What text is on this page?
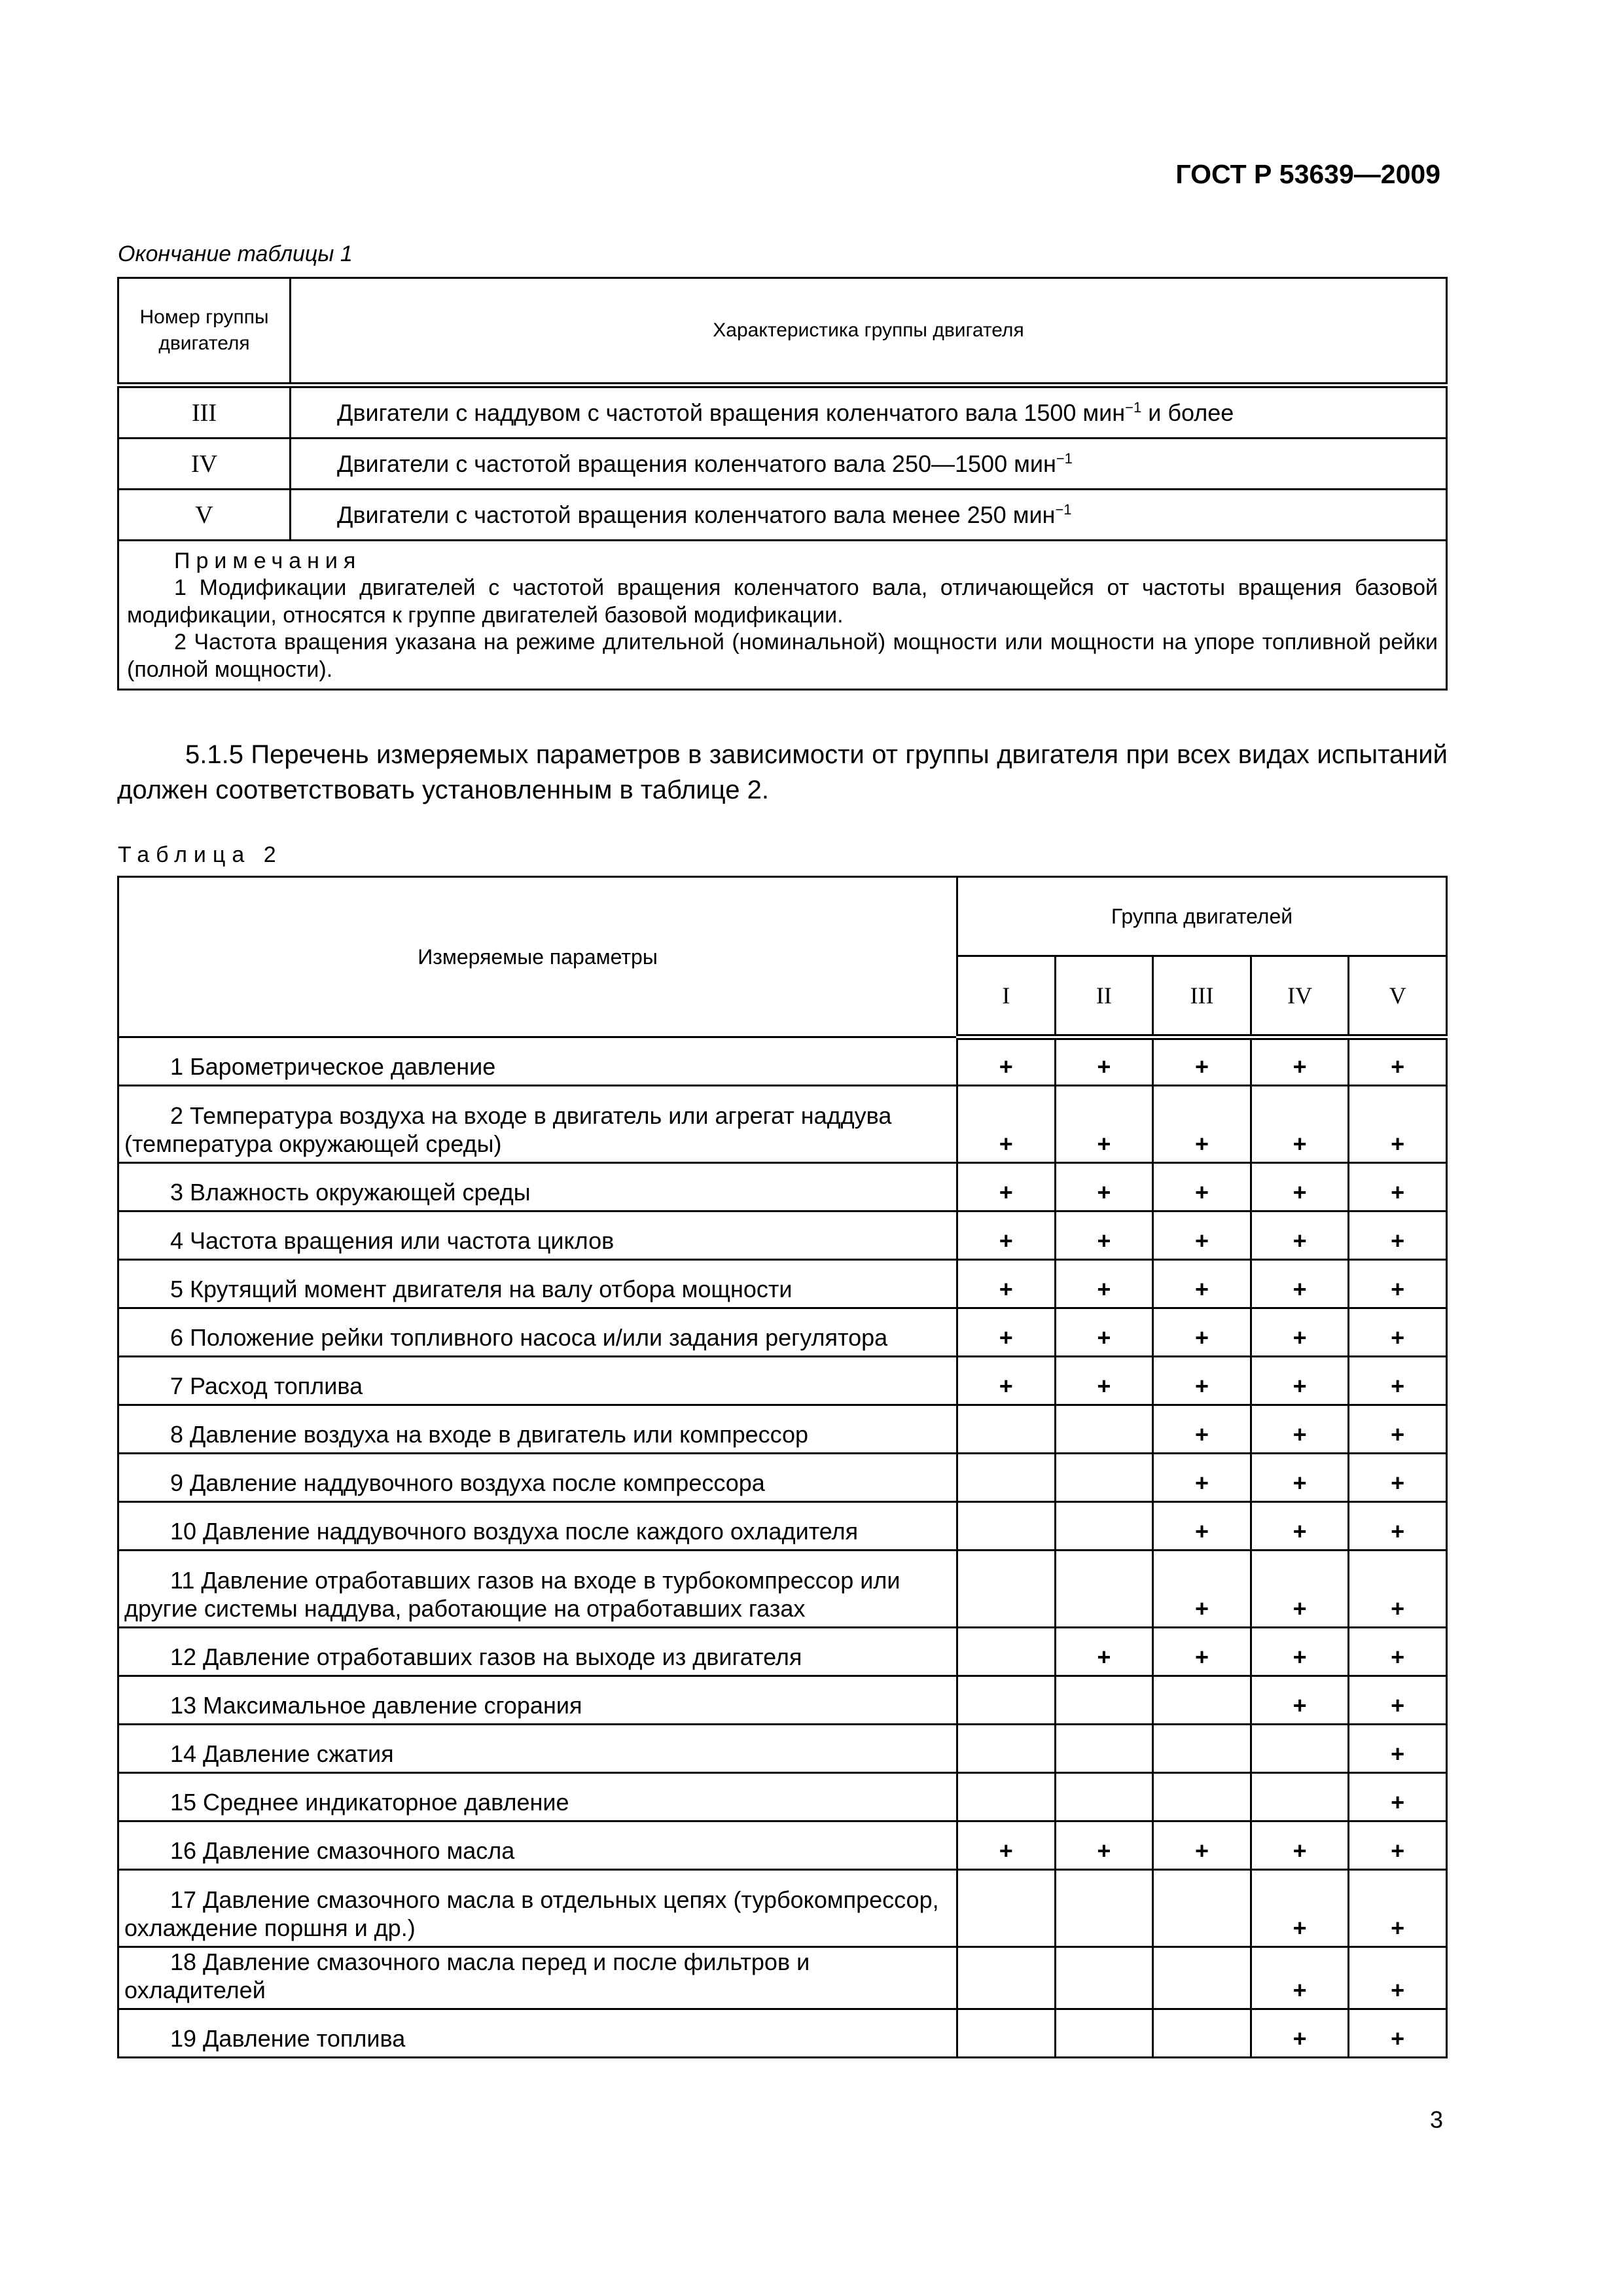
ГОСТ Р 53639—2009
Окончание таблицы 1
Номер группы двигателя	Характеристика группы двигателя
III	Двигатели с наддувом с частотой вращения коленчатого вала 1500 мин$^{-1}$ и более
IV	Двигатели с частотой вращения коленчатого вала 250—1500 мин$^{-1}$
V	Двигатели с частотой вращения коленчатого вала менее 250 мин$^{-1}$

Примечания
1 Модификации двигателей с частотой вращения коленчатого вала, отличающейся от частоты вращения базовой модификации, относятся к группе двигателей базовой модификации.
2 Частота вращения указана на режиме длительной (номинальной) мощности или мощности на упоре топливной рейки (полной мощности).	
5.1.5 Перечень измеряемых параметров в зависимости от группы двигателя при всех видах испытаний должен соответствовать установленным в таблице 2.
Таблица 2
Измеряемые параметры	Группа двигателей				
	I	II	III	IV	V
1 Барометрическое давление	+	+	+	+	+
2 Температура воздуха на входе в двигатель или агрегат наддува (температура окружающей среды)	+	+	+	+	+
3 Влажность окружающей среды	+	+	+	+	+
4 Частота вращения или частота циклов	+	+	+	+	+
5 Крутящий момент двигателя на валу отбора мощности	+	+	+	+	+
6 Положение рейки топливного насоса и/или задания регулятора	+	+	+	+	+
7 Расход топлива	+	+	+	+	+
8 Давление воздуха на входе в двигатель или компрессор			+	+	+
9 Давление наддувочного воздуха после компрессора			+	+	+
10 Давление наддувочного воздуха после каждого охладителя			+	+	+
11 Давление отработавших газов на входе в турбокомпрессор или другие системы наддува, работающие на отработавших газах			+	+	+
12 Давление отработавших газов на выходе из двигателя		+	+	+	+
13 Максимальное давление сгорания				+	+
14 Давление сжатия					+
15 Среднее индикаторное давление					+
16 Давление смазочного масла	+	+	+	+	+
17 Давление смазочного масла в отдельных цепях (турбокомпрессор, охлаждение поршня и др.)				+	+
18 Давление смазочного масла перед и после фильтров и охладителей				+	+
19 Давление топлива				+	+
3
